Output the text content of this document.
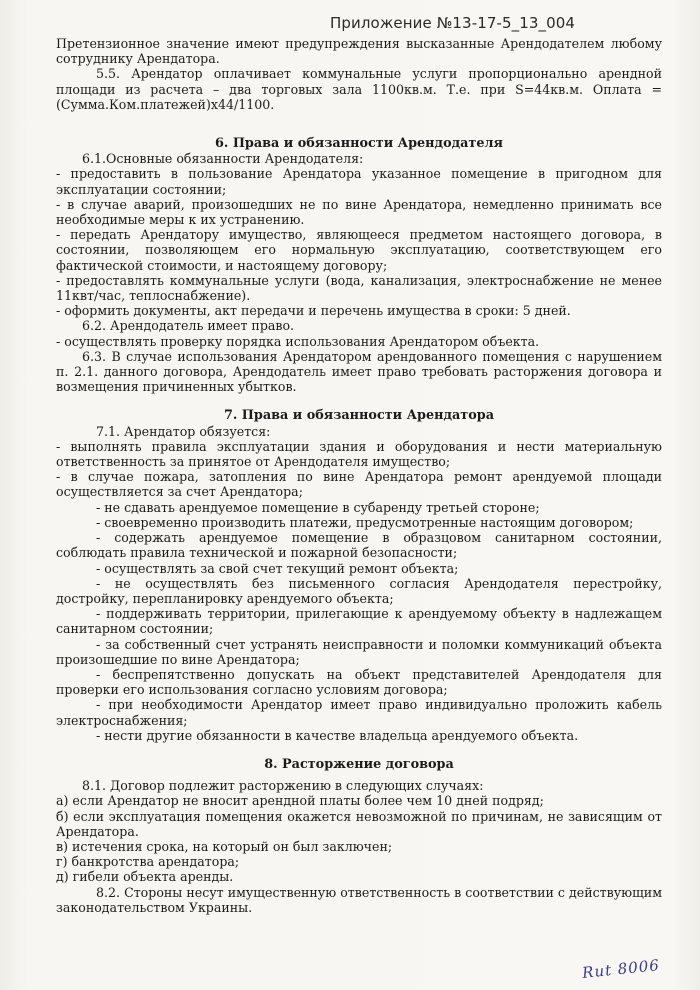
Приложение №13-17-5_13_004

Претензионное значение имеют предупреждения высказанные Арендодателем любому сотруднику Арендатора.

5.5. Арендатор оплачивает коммунальные услуги пропорционально арендной площади из расчета – два торговых зала 1100кв.м. Т.е. при S=44кв.м. Оплата = (Сумма.Ком.платежей)х44/1100.

6. Права и обязанности Арендодателя

6.1.Основные обязанности Арендодателя:

- предоставить в пользование Арендатора указанное помещение в пригодном для эксплуатации состоянии;

- в случае аварий, произошедших не по вине Арендатора, немедленно принимать все необходимые меры к их устранению.

- передать Арендатору имущество, являющееся предметом настоящего договора, в состоянии, позволяющем его нормальную эксплуатацию, соответствующем его фактической стоимости, и настоящему договору;

- предоставлять коммунальные услуги (вода, канализация, электроснабжение не менее 11квт/час, теплоснабжение).

- оформить документы, акт передачи и перечень имущества в сроки: 5 дней.

6.2. Арендодатель имеет право.

- осуществлять проверку порядка использования Арендатором объекта.

6.3. В случае использования Арендатором арендованного помещения с нарушением п. 2.1. данного договора, Арендодатель имеет право требовать расторжения договора и возмещения причиненных убытков.

7. Права и обязанности Арендатора

7.1. Арендатор обязуется:

- выполнять правила эксплуатации здания и оборудования и нести материальную ответственность за принятое от Арендодателя имущество;

- в случае пожара, затопления по вине Арендатора ремонт арендуемой площади осуществляется за счет Арендатора;

- не сдавать арендуемое помещение в субаренду третьей стороне;

- своевременно производить платежи, предусмотренные настоящим договором;

- содержать арендуемое помещение в образцовом санитарном состоянии, соблюдать правила технической и пожарной безопасности;

- осуществлять за свой счет текущий ремонт объекта;

- не осуществлять без письменного согласия Арендодателя перестройку, достройку, перепланировку арендуемого объекта;

- поддерживать территории, прилегающие к арендуемому объекту в надлежащем санитарном состоянии;

- за собственный счет устранять неисправности и поломки коммуникаций объекта произошедшие по вине Арендатора;

- беспрепятственно допускать на объект представителей Арендодателя для проверки его использования согласно условиям договора;

- при необходимости Арендатор имеет право индивидуально проложить кабель электроснабжения;

- нести другие обязанности в качестве владельца арендуемого объекта.

8. Расторжение договора

8.1. Договор подлежит расторжению в следующих случаях:

а) если Арендатор не вносит арендной платы более чем 10 дней подряд;

б) если эксплуатация помещения окажется невозможной по причинам, не зависящим от Арендатора.

в) истечения срока, на который он был заключен;

г) банкротства арендатора;

д) гибели объекта аренды.

8.2. Стороны несут имущественную ответственность в соответствии с действующим законодательством Украины.

Rut 8006
